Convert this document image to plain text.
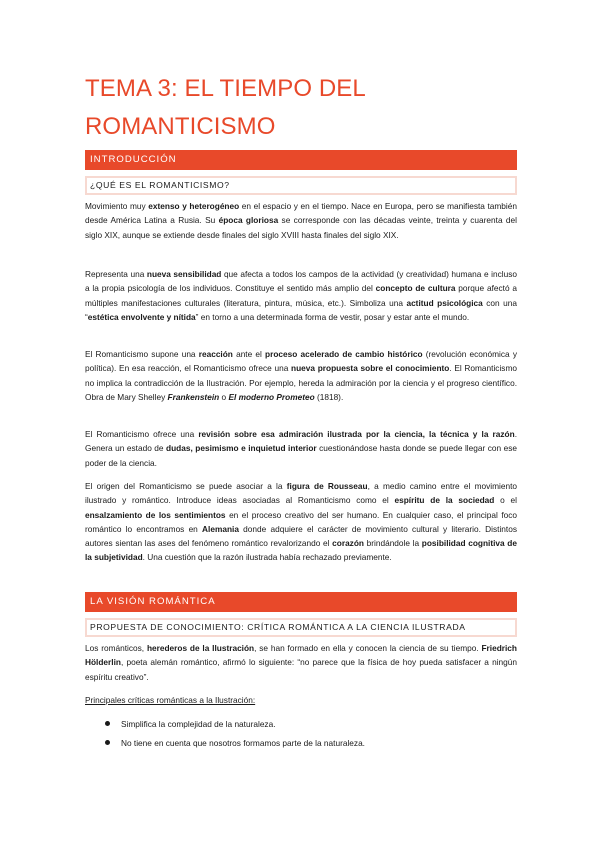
TEMA 3: EL TIEMPO DEL
ROMANTICISMO
INTRODUCCIÓN
¿QUÉ ES EL ROMANTICISMO?

Movimiento muy extenso y heterogéneo en el espacio y en el tiempo. Nace en Europa, pero se manifiesta también desde América Latina a Rusia. Su época gloriosa se corresponde con las décadas veinte, treinta y cuarenta del siglo XIX, aunque se extiende desde finales del siglo XVIII hasta finales del siglo XIX.

Representa una nueva sensibilidad que afecta a todos los campos de la actividad (y creatividad) humana e incluso a la propia psicología de los individuos. Constituye el sentido más amplio del concepto de cultura porque afectó a múltiples manifestaciones culturales (literatura, pintura, música, etc.). Simboliza una actitud psicológica con una “estética envolvente y nítida” en torno a una determinada forma de vestir, posar y estar ante el mundo.

El Romanticismo supone una reacción ante el proceso acelerado de cambio histórico (revolución económica y política). En esa reacción, el Romanticismo ofrece una nueva propuesta sobre el conocimiento. El Romanticismo no implica la contradicción de la Ilustración. Por ejemplo, hereda la admiración por la ciencia y el progreso científico. Obra de Mary Shelley Frankenstein o El moderno Prometeo (1818).

El Romanticismo ofrece una revisión sobre esa admiración ilustrada por la ciencia, la técnica y la razón. Genera un estado de dudas, pesimismo e inquietud interior cuestionándose hasta donde se puede llegar con ese poder de la ciencia.

El origen del Romanticismo se puede asociar a la figura de Rousseau, a medio camino entre el movimiento ilustrado y romántico. Introduce ideas asociadas al Romanticismo como el espíritu de la sociedad o el ensalzamiento de los sentimientos en el proceso creativo del ser humano. En cualquier caso, el principal foco romántico lo encontramos en Alemania donde adquiere el carácter de movimiento cultural y literario. Distintos autores sientan las ases del fenómeno romántico revalorizando el corazón brindándole la posibilidad cognitiva de la subjetividad. Una cuestión que la razón ilustrada había rechazado previamente.

LA VISIÓN ROMÁNTICA
PROPUESTA DE CONOCIMIENTO: CRÍTICA ROMÁNTICA A LA CIENCIA ILUSTRADA

Los románticos, herederos de la Ilustración, se han formado en ella y conocen la ciencia de su tiempo. Friedrich Hölderlin, poeta alemán romántico, afirmó lo siguiente: “no parece que la física de hoy pueda satisfacer a ningún espíritu creativo”.

Principales críticas románticas a la Ilustración:

Simplifica la complejidad de la naturaleza.
No tiene en cuenta que nosotros formamos parte de la naturaleza.
